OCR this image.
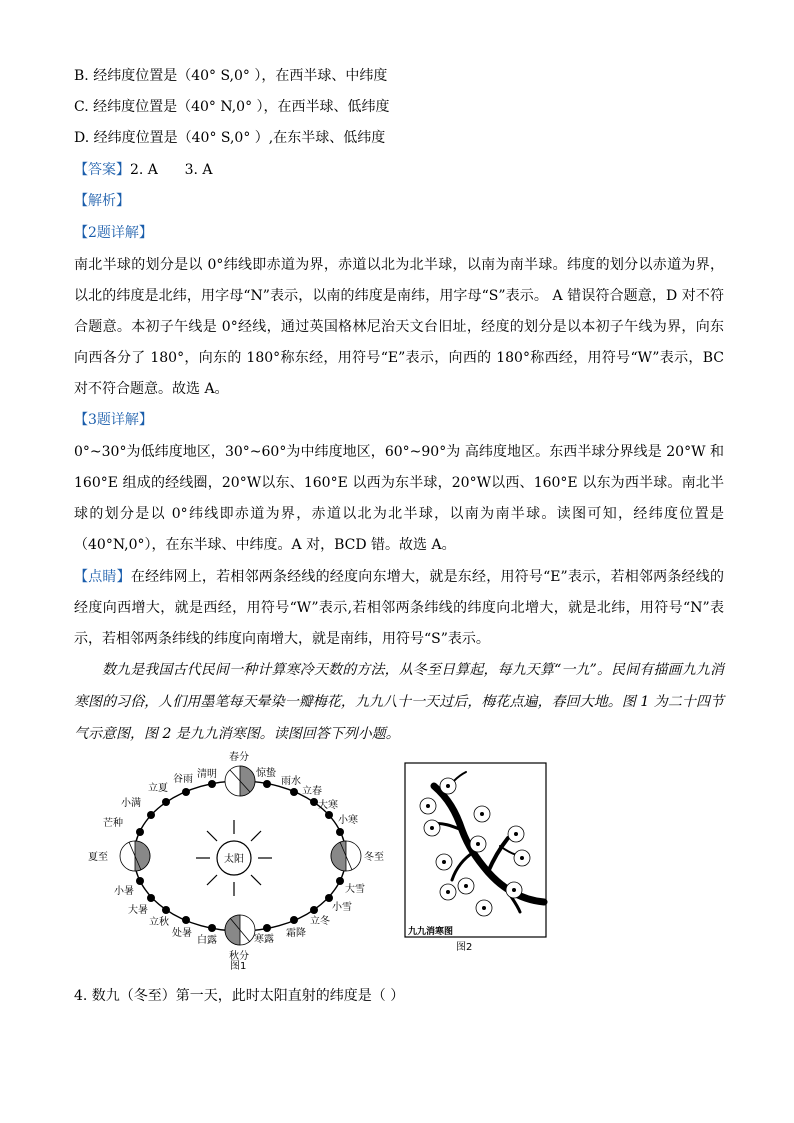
B. 经纬度位置是（40° S,0° ），在西半球、中纬度
C. 经纬度位置是（40° N,0° ），在西半球、低纬度
D. 经纬度位置是（40° S,0° ）,在东半球、低纬度
【答案】2. A      3. A
【解析】
【2题详解】
南北半球的划分是以 0°纬线即赤道为界，赤道以北为北半球，以南为南半球。纬度的划分以赤道为界，以北的纬度是北纬，用字母“N”表示，以南的纬度是南纬，用字母“S”表示。 A 错误符合题意，D 对不符合题意。本初子午线是 0°经线，通过英国格林尼治天文台旧址，经度的划分是以本初子午线为界，向东向西各分了 180°，向东的 180°称东经，用符号“E”表示，向西的 180°称西经，用符号“W”表示，BC 对不符合题意。故选 A。
【3题详解】
0°~30°为低纬度地区，30°~60°为中纬度地区，60°~90°为 高纬度地区。东西半球分界线是 20°W 和 160°E 组成的经线圈，20°W以东、160°E 以西为东半球，20°W以西、160°E 以东为西半球。南北半球的划分是以 0°纬线即赤道为界，赤道以北为北半球，以南为南半球。读图可知，经纬度位置是（40°N,0°），在东半球、中纬度。A 对，BCD 错。故选 A。
【点睛】在经纬网上，若相邻两条经线的经度向东增大，就是东经，用符号“E”表示，若相邻两条经线的经度向西增大，就是西经，用符号“W”表示,若相邻两条纬线的纬度向北增大，就是北纬，用符号“N”表示，若相邻两条纬线的纬度向南增大，就是南纬，用符号“S”表示。
数九是我国古代民间一种计算寒冷天数的方法，从冬至日算起，每九天算“一九”。民间有描画九九消寒图的习俗，人们用墨笔每天晕染一瓣梅花，九九八十一天过后，梅花点遍，春回大地。图 1 为二十四节气示意图，图 2 是九九消寒图。读图回答下列小题。
太阳
春分
惊蛰
雨水
立春
大寒
小寒
冬至
大雪
小雪
立冬
霜降
寒露
秋分
白露
处暑
立秋
大暑
小暑
夏至
芒种
小满
立夏
谷雨 清明
图1
九九消寒图
图2
4. 数九（冬至）第一天，此时太阳直射的纬度是（ ）
